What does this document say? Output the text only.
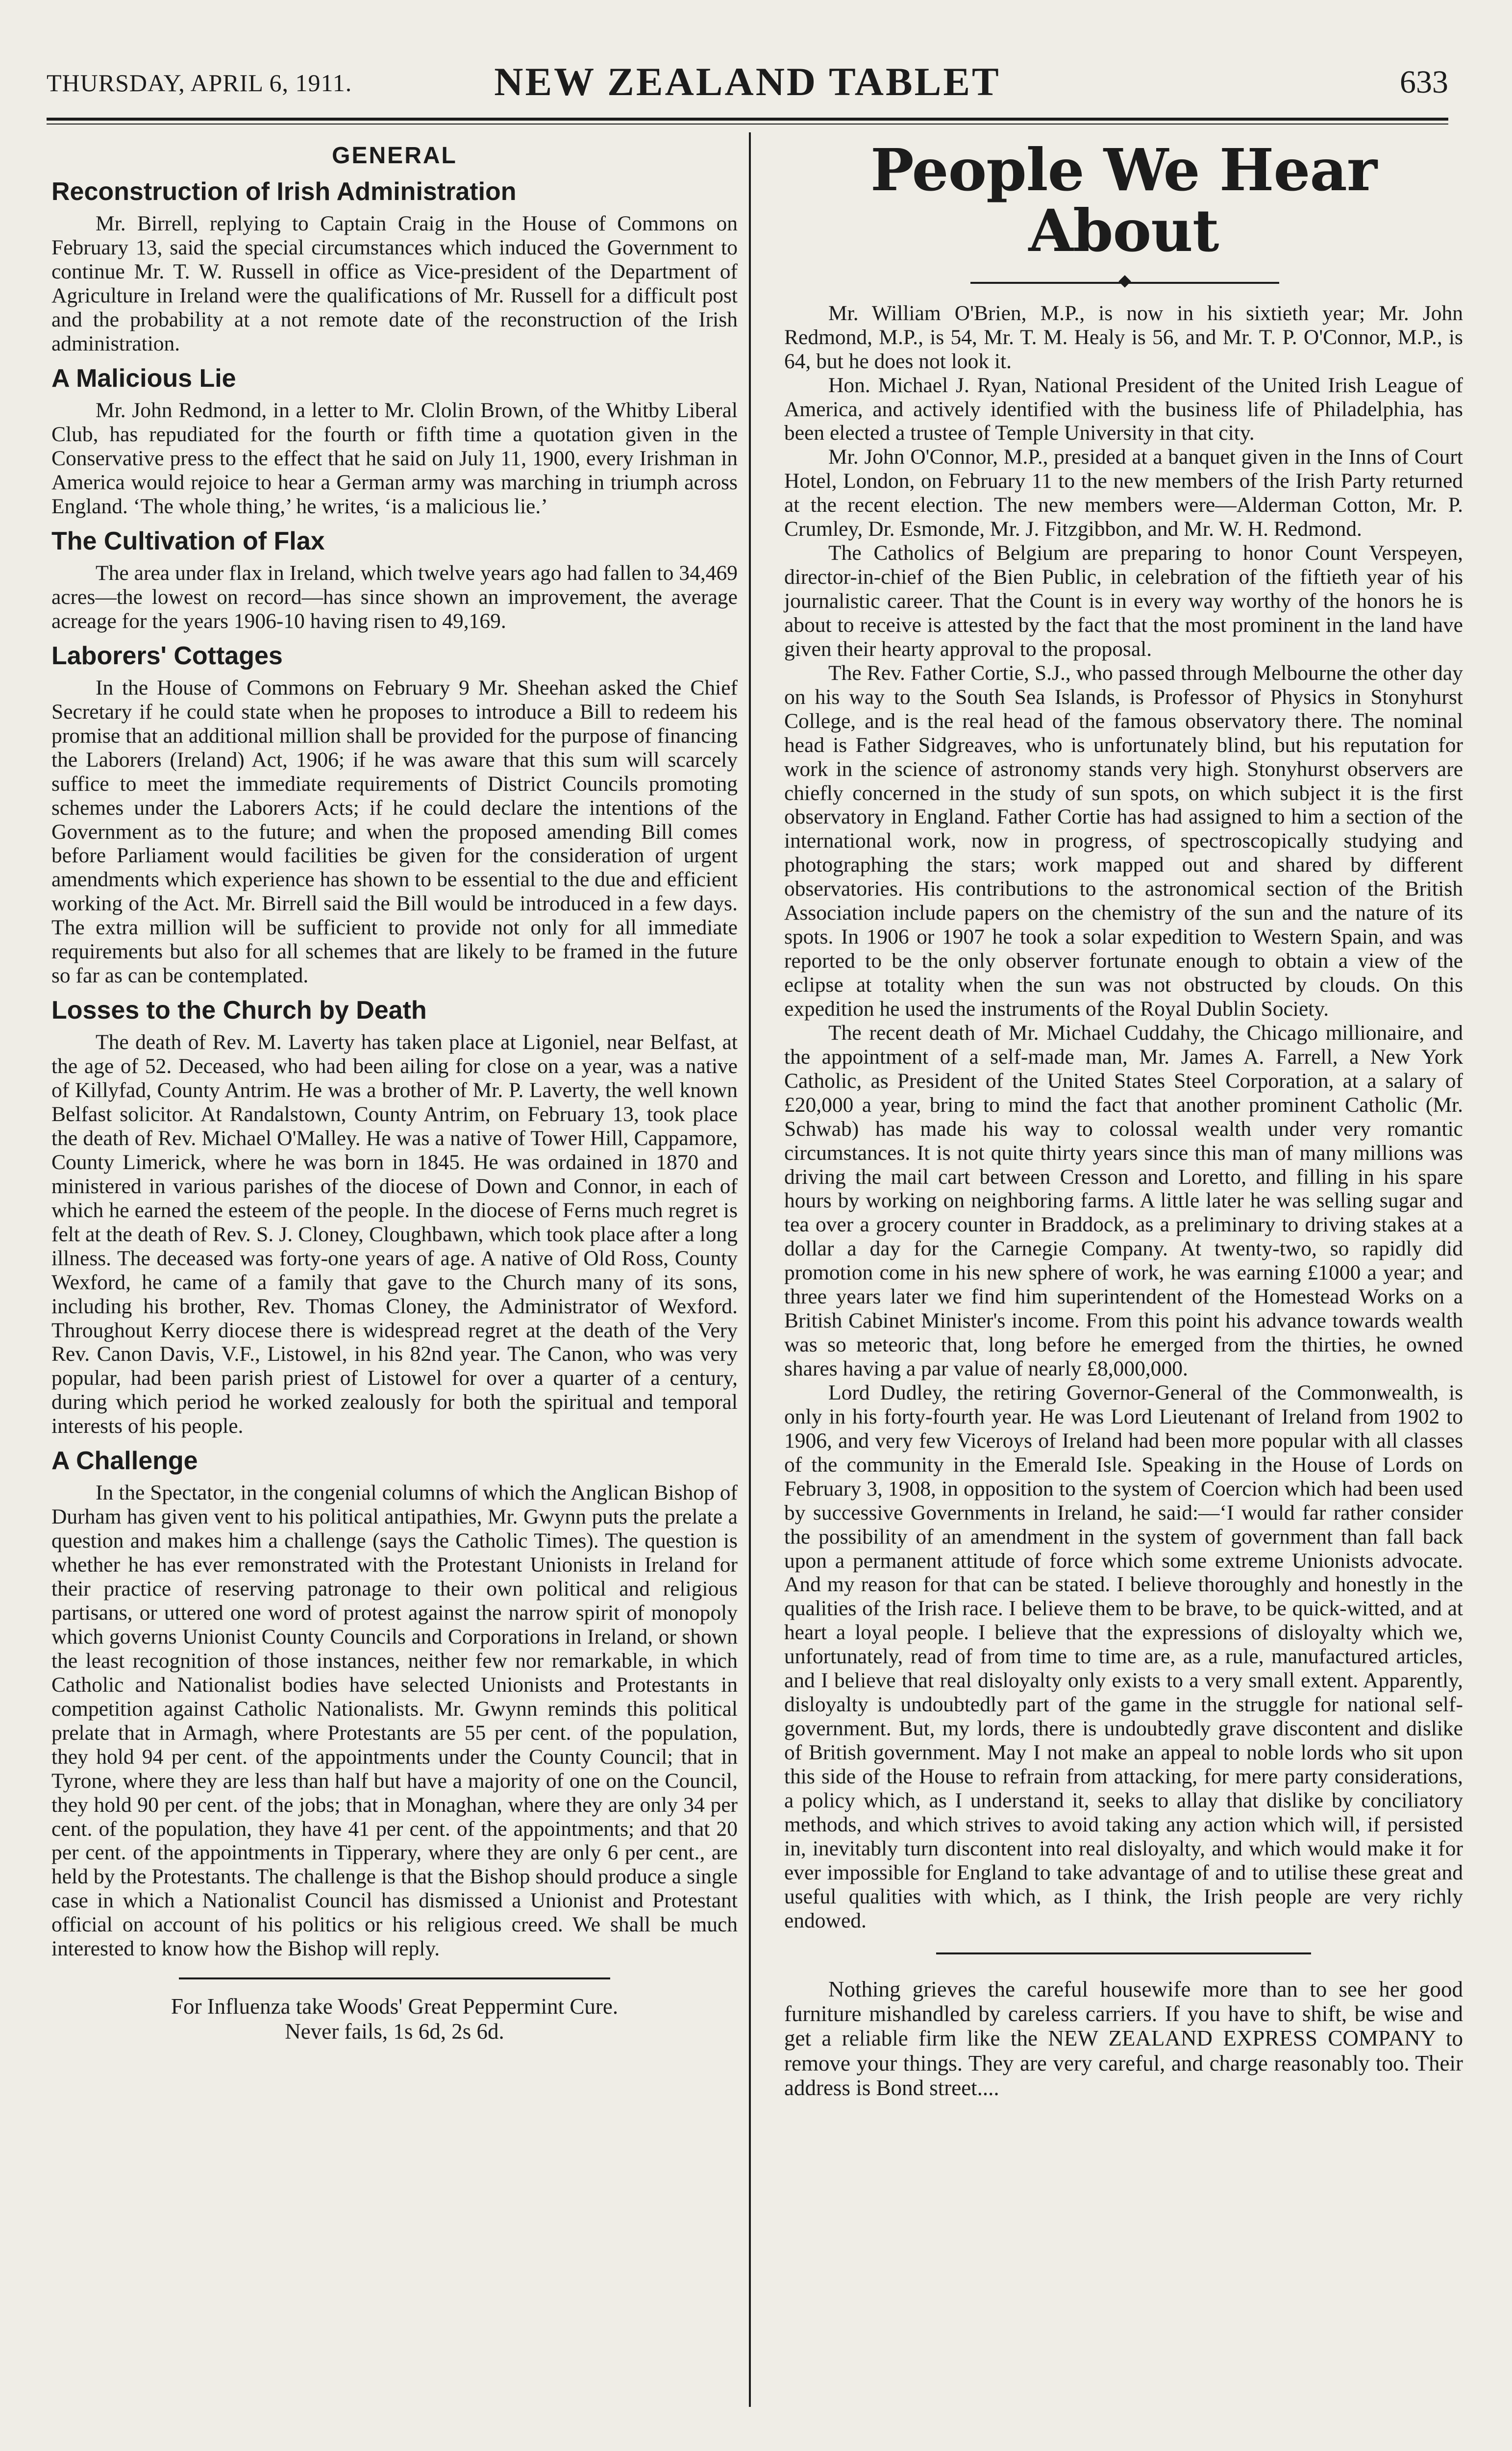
THURSDAY, APRIL 6, 1911.	NEW ZEALAND TABLET	633
GENERAL
Reconstruction of Irish Administration

Mr. Birrell, replying to Captain Craig in the House of Commons on February 13, said the special circumstances which induced the Government to continue Mr. T. W. Russell in office as Vice-president of the Department of Agriculture in Ireland were the qualifications of Mr. Russell for a difficult post and the probability at a not remote date of the reconstruction of the Irish administration.

A Malicious Lie

Mr. John Redmond, in a letter to Mr. Clolin Brown, of the Whitby Liberal Club, has repudiated for the fourth or fifth time a quotation given in the Conservative press to the effect that he said on July 11, 1900, every Irishman in America would rejoice to hear a German army was marching in triumph across England. ‘The whole thing,’ he writes, ‘is a malicious lie.’

The Cultivation of Flax

The area under flax in Ireland, which twelve years ago had fallen to 34,469 acres—the lowest on record—has since shown an improvement, the average acreage for the years 1906-10 having risen to 49,169.

Laborers' Cottages

In the House of Commons on February 9 Mr. Sheehan asked the Chief Secretary if he could state when he proposes to introduce a Bill to redeem his promise that an additional million shall be provided for the purpose of financing the Laborers (Ireland) Act, 1906; if he was aware that this sum will scarcely suffice to meet the immediate requirements of District Councils promoting schemes under the Laborers Acts; if he could declare the intentions of the Government as to the future; and when the proposed amending Bill comes before Parliament would facilities be given for the consideration of urgent amendments which experience has shown to be essential to the due and efficient working of the Act. Mr. Birrell said the Bill would be introduced in a few days. The extra million will be sufficient to provide not only for all immediate requirements but also for all schemes that are likely to be framed in the future so far as can be contemplated.

Losses to the Church by Death

The death of Rev. M. Laverty has taken place at Ligoniel, near Belfast, at the age of 52. Deceased, who had been ailing for close on a year, was a native of Killyfad, County Antrim. He was a brother of Mr. P. Laverty, the well known Belfast solicitor. At Randalstown, County Antrim, on February 13, took place the death of Rev. Michael O'Malley. He was a native of Tower Hill, Cappamore, County Limerick, where he was born in 1845. He was ordained in 1870 and ministered in various parishes of the diocese of Down and Connor, in each of which he earned the esteem of the people. In the diocese of Ferns much regret is felt at the death of Rev. S. J. Cloney, Cloughbawn, which took place after a long illness. The deceased was forty-one years of age. A native of Old Ross, County Wexford, he came of a family that gave to the Church many of its sons, including his brother, Rev. Thomas Cloney, the Administrator of Wexford. Throughout Kerry diocese there is widespread regret at the death of the Very Rev. Canon Davis, V.F., Listowel, in his 82nd year. The Canon, who was very popular, had been parish priest of Listowel for over a quarter of a century, during which period he worked zealously for both the spiritual and temporal interests of his people.

A Challenge

In the Spectator, in the congenial columns of which the Anglican Bishop of Durham has given vent to his political antipathies, Mr. Gwynn puts the prelate a question and makes him a challenge (says the Catholic Times). The question is whether he has ever remonstrated with the Protestant Unionists in Ireland for their practice of reserving patronage to their own political and religious partisans, or uttered one word of protest against the narrow spirit of monopoly which governs Unionist County Councils and Corporations in Ireland, or shown the least recognition of those instances, neither few nor remarkable, in which Catholic and Nationalist bodies have selected Unionists and Protestants in competition against Catholic Nationalists. Mr. Gwynn reminds this political prelate that in Armagh, where Protestants are 55 per cent. of the population, they hold 94 per cent. of the appointments under the County Council; that in Tyrone, where they are less than half but have a majority of one on the Council, they hold 90 per cent. of the jobs; that in Monaghan, where they are only 34 per cent. of the population, they have 41 per cent. of the appointments; and that 20 per cent. of the appointments in Tipperary, where they are only 6 per cent., are held by the Protestants. The challenge is that the Bishop should produce a single case in which a Nationalist Council has dismissed a Unionist and Protestant official on account of his politics or his religious creed. We shall be much interested to know how the Bishop will reply.

For Influenza take Woods' Great Peppermint Cure.
Never fails, 1s 6d, 2s 6d.
People We Hear About

Mr. William O'Brien, M.P., is now in his sixtieth year; Mr. John Redmond, M.P., is 54, Mr. T. M. Healy is 56, and Mr. T. P. O'Connor, M.P., is 64, but he does not look it.

Hon. Michael J. Ryan, National President of the United Irish League of America, and actively identified with the business life of Philadelphia, has been elected a trustee of Temple University in that city.

Mr. John O'Connor, M.P., presided at a banquet given in the Inns of Court Hotel, London, on February 11 to the new members of the Irish Party returned at the recent election. The new members were—Alderman Cotton, Mr. P. Crumley, Dr. Esmonde, Mr. J. Fitzgibbon, and Mr. W. H. Redmond.

The Catholics of Belgium are preparing to honor Count Verspeyen, director-in-chief of the Bien Public, in celebration of the fiftieth year of his journalistic career. That the Count is in every way worthy of the honors he is about to receive is attested by the fact that the most prominent in the land have given their hearty approval to the proposal.

The Rev. Father Cortie, S.J., who passed through Melbourne the other day on his way to the South Sea Islands, is Professor of Physics in Stonyhurst College, and is the real head of the famous observatory there. The nominal head is Father Sidgreaves, who is unfortunately blind, but his reputation for work in the science of astronomy stands very high. Stonyhurst observers are chiefly concerned in the study of sun spots, on which subject it is the first observatory in England. Father Cortie has had assigned to him a section of the international work, now in progress, of spectroscopically studying and photographing the stars; work mapped out and shared by different observatories. His contributions to the astronomical section of the British Association include papers on the chemistry of the sun and the nature of its spots. In 1906 or 1907 he took a solar expedition to Western Spain, and was reported to be the only observer fortunate enough to obtain a view of the eclipse at totality when the sun was not obstructed by clouds. On this expedition he used the instruments of the Royal Dublin Society.

The recent death of Mr. Michael Cuddahy, the Chicago millionaire, and the appointment of a self-made man, Mr. James A. Farrell, a New York Catholic, as President of the United States Steel Corporation, at a salary of £20,000 a year, bring to mind the fact that another prominent Catholic (Mr. Schwab) has made his way to colossal wealth under very romantic circumstances. It is not quite thirty years since this man of many millions was driving the mail cart between Cresson and Loretto, and filling in his spare hours by working on neighboring farms. A little later he was selling sugar and tea over a grocery counter in Braddock, as a preliminary to driving stakes at a dollar a day for the Carnegie Company. At twenty-two, so rapidly did promotion come in his new sphere of work, he was earning £1000 a year; and three years later we find him superintendent of the Homestead Works on a British Cabinet Minister's income. From this point his advance towards wealth was so meteoric that, long before he emerged from the thirties, he owned shares having a par value of nearly £8,000,000.

Lord Dudley, the retiring Governor-General of the Commonwealth, is only in his forty-fourth year. He was Lord Lieutenant of Ireland from 1902 to 1906, and very few Viceroys of Ireland had been more popular with all classes of the community in the Emerald Isle. Speaking in the House of Lords on February 3, 1908, in opposition to the system of Coercion which had been used by successive Governments in Ireland, he said:—‘I would far rather consider the possibility of an amendment in the system of government than fall back upon a permanent attitude of force which some extreme Unionists advocate. And my reason for that can be stated. I believe thoroughly and honestly in the qualities of the Irish race. I believe them to be brave, to be quick-witted, and at heart a loyal people. I believe that the expressions of disloyalty which we, unfortunately, read of from time to time are, as a rule, manufactured articles, and I believe that real disloyalty only exists to a very small extent. Apparently, disloyalty is undoubtedly part of the game in the struggle for national self-government. But, my lords, there is undoubtedly grave discontent and dislike of British government. May I not make an appeal to noble lords who sit upon this side of the House to refrain from attacking, for mere party considerations, a policy which, as I understand it, seeks to allay that dislike by conciliatory methods, and which strives to avoid taking any action which will, if persisted in, inevitably turn discontent into real disloyalty, and which would make it for ever impossible for England to take advantage of and to utilise these great and useful qualities with which, as I think, the Irish people are very richly endowed.

Nothing grieves the careful housewife more than to see her good furniture mishandled by careless carriers. If you have to shift, be wise and get a reliable firm like the NEW ZEALAND EXPRESS COMPANY to remove your things. They are very careful, and charge reasonably too. Their address is Bond street....
